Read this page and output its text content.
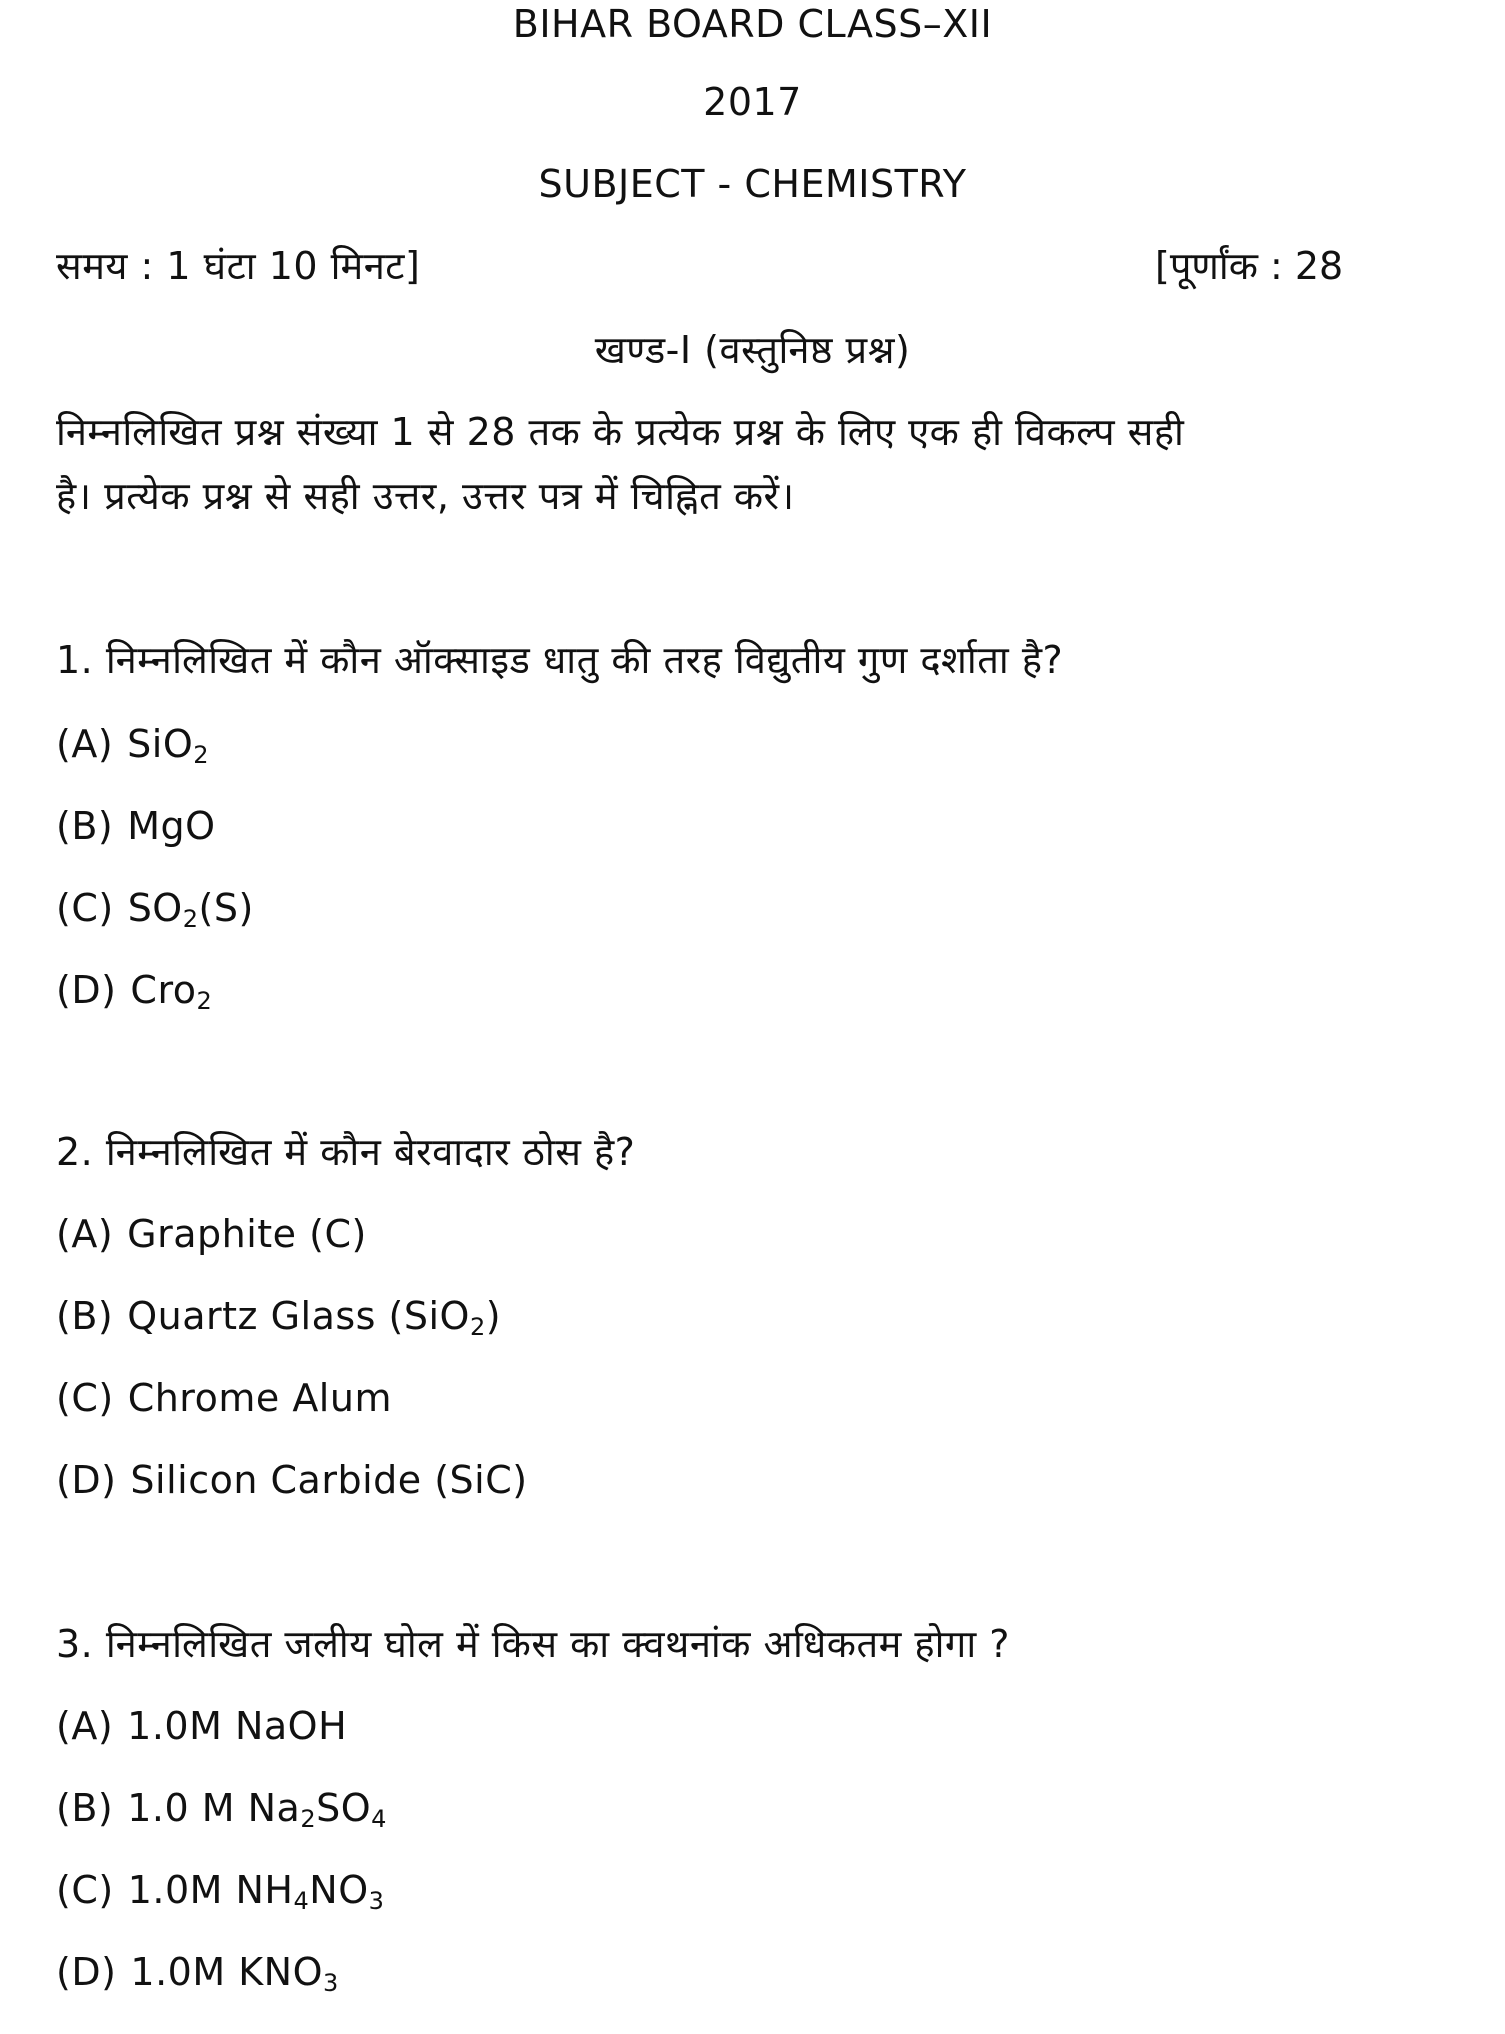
BIHAR BOARD CLASS–XII
2017
SUBJECT - CHEMISTRY
समय : 1 घंटा 10 मिनट]	[पूर्णांक : 28
खण्ड-I (वस्तुनिष्ठ प्रश्न)
निम्नलिखित प्रश्न संख्या 1 से 28 तक के प्रत्येक प्रश्न के लिए एक ही विकल्प सही
है। प्रत्येक प्रश्न से सही उत्तर, उत्तर पत्र में चिह्नित करें।
1. निम्नलिखित में कौन ऑक्साइड धातु की तरह विद्युतीय गुण दर्शाता है?
(A) SiO$_2$
(B) MgO
(C) $SO_2(S)$
(D) Cro$_2$
2. निम्नलिखित में कौन बेरवादार ठोस है?
(A) Graphite (C)
(B) Quartz Glass (SiO$_2$)
(C) Chrome Alum
(D) Silicon Carbide (SiC)
3. निम्नलिखित जलीय घोल में किस का क्वथनांक अधिकतम होगा ?
(A) 1.0M NaOH
(B) 1.0 M $Na_2SO_4$
(C) 1.0M $NH_4NO_3$
(D) 1.0M $KNO_3$
